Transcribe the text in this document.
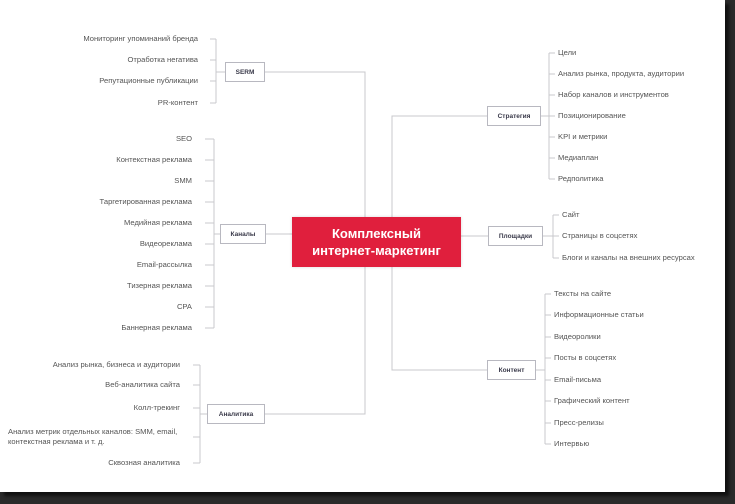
Комплексный
интернет-маркетинг
SERM
Мониторинг упоминаний бренда
Отработка негатива
Репутационные публикации
PR-контент
Каналы
SEO
Контекстная реклама
SMM
Таргетированная реклама
Медийная реклама
Видеореклама
Email-рассылка
Тизерная реклама
CPA
Баннерная реклама
Аналитика
Анализ рынка, бизнеса и аудитории
Веб-аналитика сайта
Колл-трекинг
Анализ метрик отдельных каналов: SMM, email, контекстная реклама и т. д.
Сквозная аналитика
Стратегия
Цели
Анализ рынка, продукта, аудитории
Набор каналов и инструментов
Позиционирование
KPI и метрики
Медиаплан
Редполитика
Площадки
Сайт
Страницы в соцсетях
Блоги и каналы на внешних ресурсах
Контент
Тексты на сайте
Информационные статьи
Видеоролики
Посты в соцсетях
Email-письма
Графический контент
Пресс-релизы
Интервью
